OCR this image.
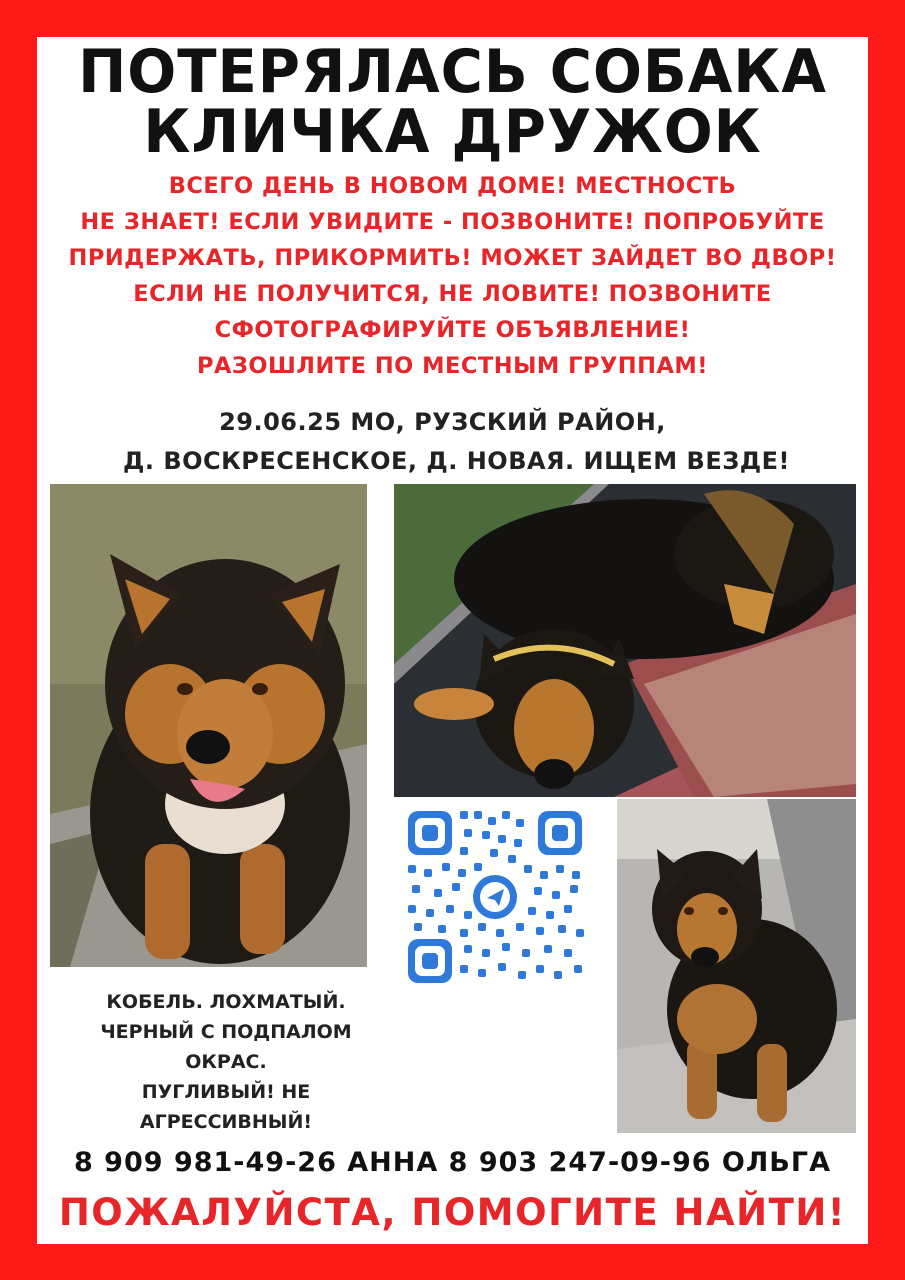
ПОТЕРЯЛАСЬ СОБАКА
КЛИЧКА ДРУЖОК
ВСЕГО ДЕНЬ В НОВОМ ДОМЕ! МЕСТНОСТЬ
НЕ ЗНАЕТ! ЕСЛИ УВИДИТЕ - ПОЗВОНИТЕ! ПОПРОБУЙТЕ
ПРИДЕРЖАТЬ, ПРИКОРМИТЬ! МОЖЕТ ЗАЙДЕТ ВО ДВОР!
ЕСЛИ НЕ ПОЛУЧИТСЯ, НЕ ЛОВИТЕ! ПОЗВОНИТЕ
СФОТОГРАФИРУЙТЕ ОБЪЯВЛЕНИЕ!
РАЗОШЛИТЕ ПО МЕСТНЫМ ГРУППАМ!
29.06.25 МО, РУЗСКИЙ РАЙОН,
Д. ВОСКРЕСЕНСКОЕ, Д. НОВАЯ. ИЩЕМ ВЕЗДЕ!
КОБЕЛЬ. ЛОХМАТЫЙ.
ЧЕРНЫЙ С ПОДПАЛОМ
ОКРАС.
ПУГЛИВЫЙ! НЕ
АГРЕССИВНЫЙ!
8 909 981-49-26 АННА 8 903 247-09-96 ОЛЬГА
ПОЖАЛУЙСТА, ПОМОГИТЕ НАЙТИ!
